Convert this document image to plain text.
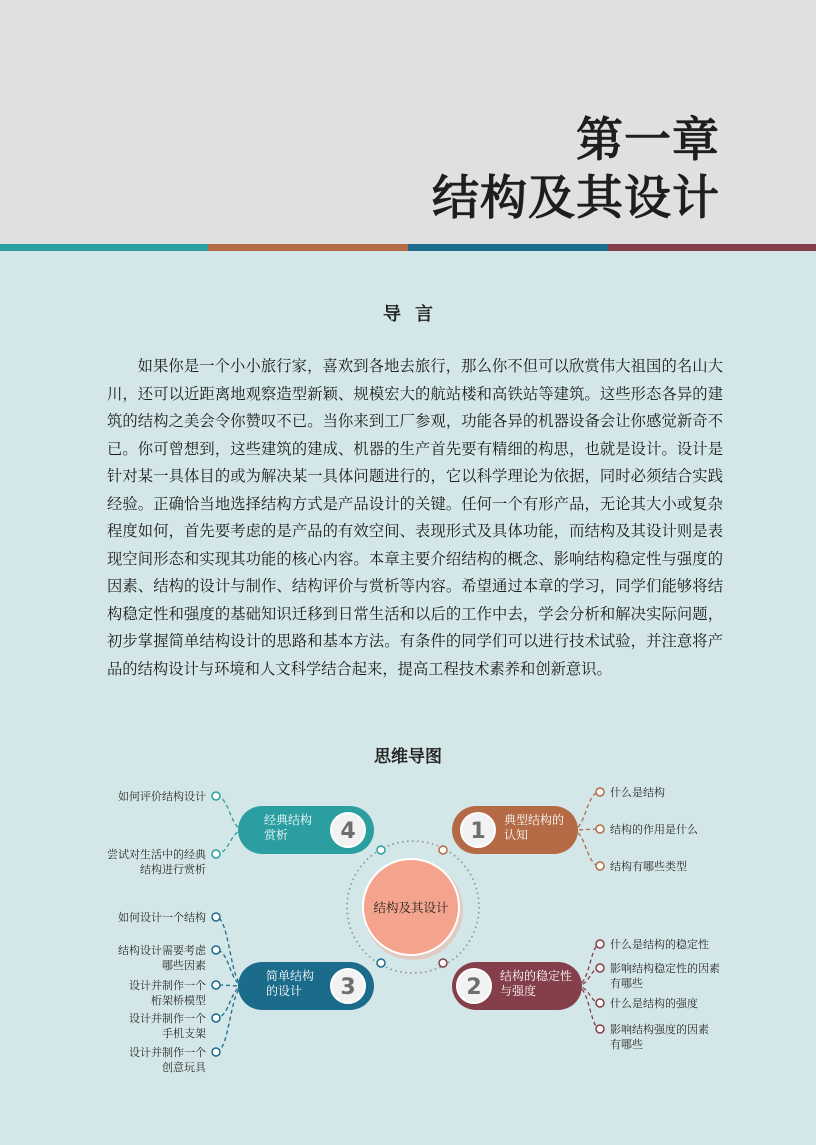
第一章
结构及其设计
导言

如果你是一个小小旅行家，喜欢到各地去旅行，那么你不但可以欣赏伟大祖国的名山大川，还可以近距离地观察造型新颖、规模宏大的航站楼和高铁站等建筑。这些形态各异的建筑的结构之美会令你赞叹不已。当你来到工厂参观，功能各异的机器设备会让你感觉新奇不已。你可曾想到，这些建筑的建成、机器的生产首先要有精细的构思，也就是设计。设计是针对某一具体目的或为解决某一具体问题进行的，它以科学理论为依据，同时必须结合实践经验。正确恰当地选择结构方式是产品设计的关键。任何一个有形产品，无论其大小或复杂程度如何，首先要考虑的是产品的有效空间、表现形式及具体功能，而结构及其设计则是表现空间形态和实现其功能的核心内容。本章主要介绍结构的概念、影响结构稳定性与强度的因素、结构的设计与制作、结构评价与赏析等内容。希望通过本章的学习，同学们能够将结构稳定性和强度的基础知识迁移到日常生活和以后的工作中去，学会分析和解决实际问题，初步掌握简单结构设计的思路和基本方法。有条件的同学们可以进行技术试验，并注意将产品的结构设计与环境和人文科学结合起来，提高工程技术素养和创新意识。

思维导图
1 典型结构的
认知
什么是结构
结构的作用是什么
结构有哪些类型
2 结构的稳定性
与强度
什么是结构的稳定性
影响结构稳定性的因素
有哪些
什么是结构的强度
影响结构强度的因素
有哪些
3
简单结构
的设计
如何设计一个结构
结构设计需要考虑
哪些因素
设计并制作一个
桁架桥模型
设计并制作一个
手机支架
设计并制作一个
创意玩具
4
经典结构
赏析
如何评价结构设计
尝试对生活中的经典
结构进行赏析
结构及其设计
